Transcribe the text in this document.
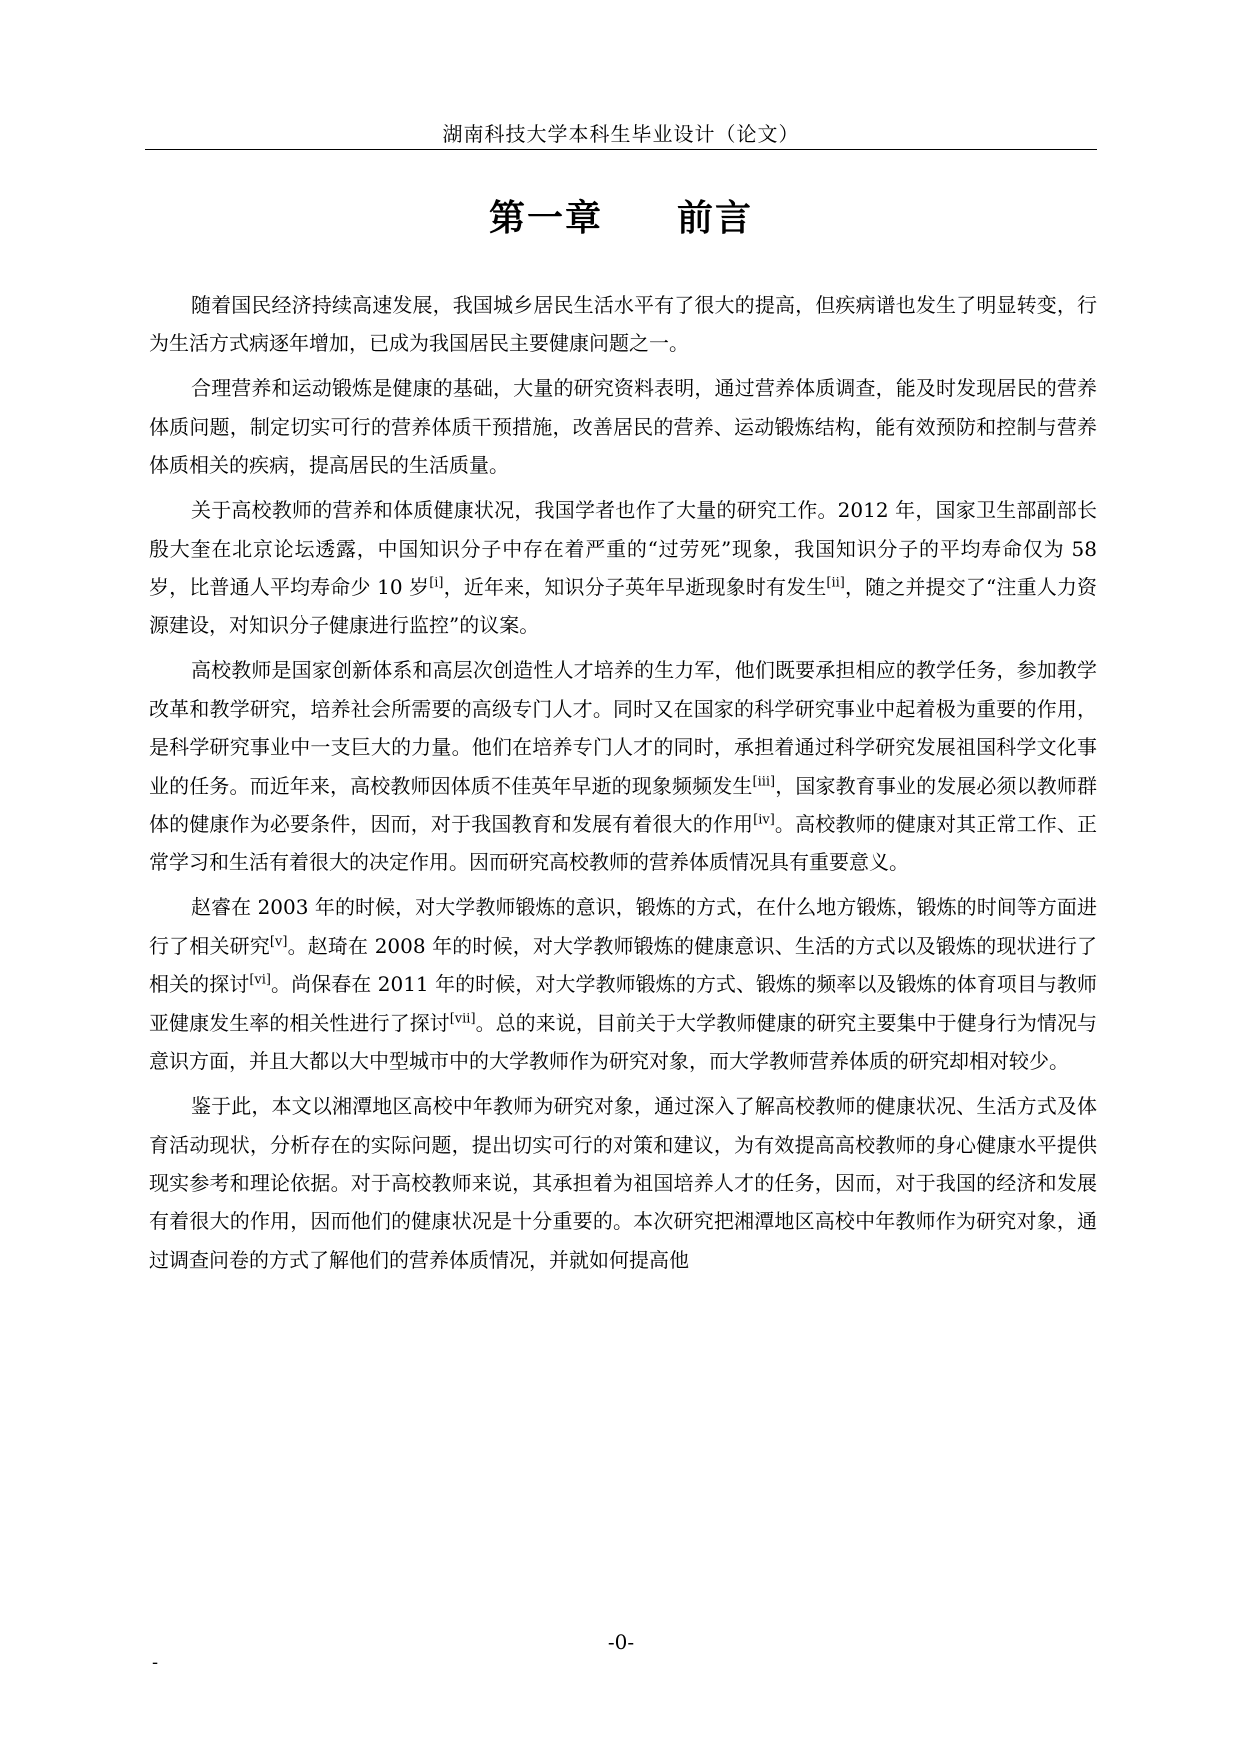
湖南科技大学本科生毕业设计（论文）
第一章 前言

随着国民经济持续高速发展，我国城乡居民生活水平有了很大的提高，但疾病谱也发生了明显转变，行为生活方式病逐年增加，已成为我国居民主要健康问题之一。

合理营养和运动锻炼是健康的基础，大量的研究资料表明，通过营养体质调查，能及时发现居民的营养体质问题，制定切实可行的营养体质干预措施，改善居民的营养、运动锻炼结构，能有效预防和控制与营养体质相关的疾病，提高居民的生活质量。

关于高校教师的营养和体质健康状况，我国学者也作了大量的研究工作。2012 年，国家卫生部副部长殷大奎在北京论坛透露，中国知识分子中存在着严重的“过劳死”现象，我国知识分子的平均寿命仅为 58 岁，比普通人平均寿命少 10 岁[i]，近年来，知识分子英年早逝现象时有发生[ii]，随之并提交了“注重人力资源建设，对知识分子健康进行监控”的议案。

高校教师是国家创新体系和高层次创造性人才培养的生力军，他们既要承担相应的教学任务，参加教学改革和教学研究，培养社会所需要的高级专门人才。同时又在国家的科学研究事业中起着极为重要的作用，是科学研究事业中一支巨大的力量。他们在培养专门人才的同时，承担着通过科学研究发展祖国科学文化事业的任务。而近年来，高校教师因体质不佳英年早逝的现象频频发生[iii]，国家教育事业的发展必须以教师群体的健康作为必要条件，因而，对于我国教育和发展有着很大的作用[iv]。高校教师的健康对其正常工作、正常学习和生活有着很大的决定作用。因而研究高校教师的营养体质情况具有重要意义。

赵睿在 2003 年的时候，对大学教师锻炼的意识，锻炼的方式，在什么地方锻炼，锻炼的时间等方面进行了相关研究[v]。赵琦在 2008 年的时候，对大学教师锻炼的健康意识、生活的方式以及锻炼的现状进行了相关的探讨[vi]。尚保春在 2011 年的时候，对大学教师锻炼的方式、锻炼的频率以及锻炼的体育项目与教师亚健康发生率的相关性进行了探讨[vii]。总的来说，目前关于大学教师健康的研究主要集中于健身行为情况与意识方面，并且大都以大中型城市中的大学教师作为研究对象，而大学教师营养体质的研究却相对较少。

鉴于此，本文以湘潭地区高校中年教师为研究对象，通过深入了解高校教师的健康状况、生活方式及体育活动现状，分析存在的实际问题，提出切实可行的对策和建议，为有效提高高校教师的身心健康水平提供现实参考和理论依据。对于高校教师来说，其承担着为祖国培养人才的任务，因而，对于我国的经济和发展有着很大的作用，因而他们的健康状况是十分重要的。本次研究把湘潭地区高校中年教师作为研究对象，通过调查问卷的方式了解他们的营养体质情况，并就如何提高他

-0-
-
